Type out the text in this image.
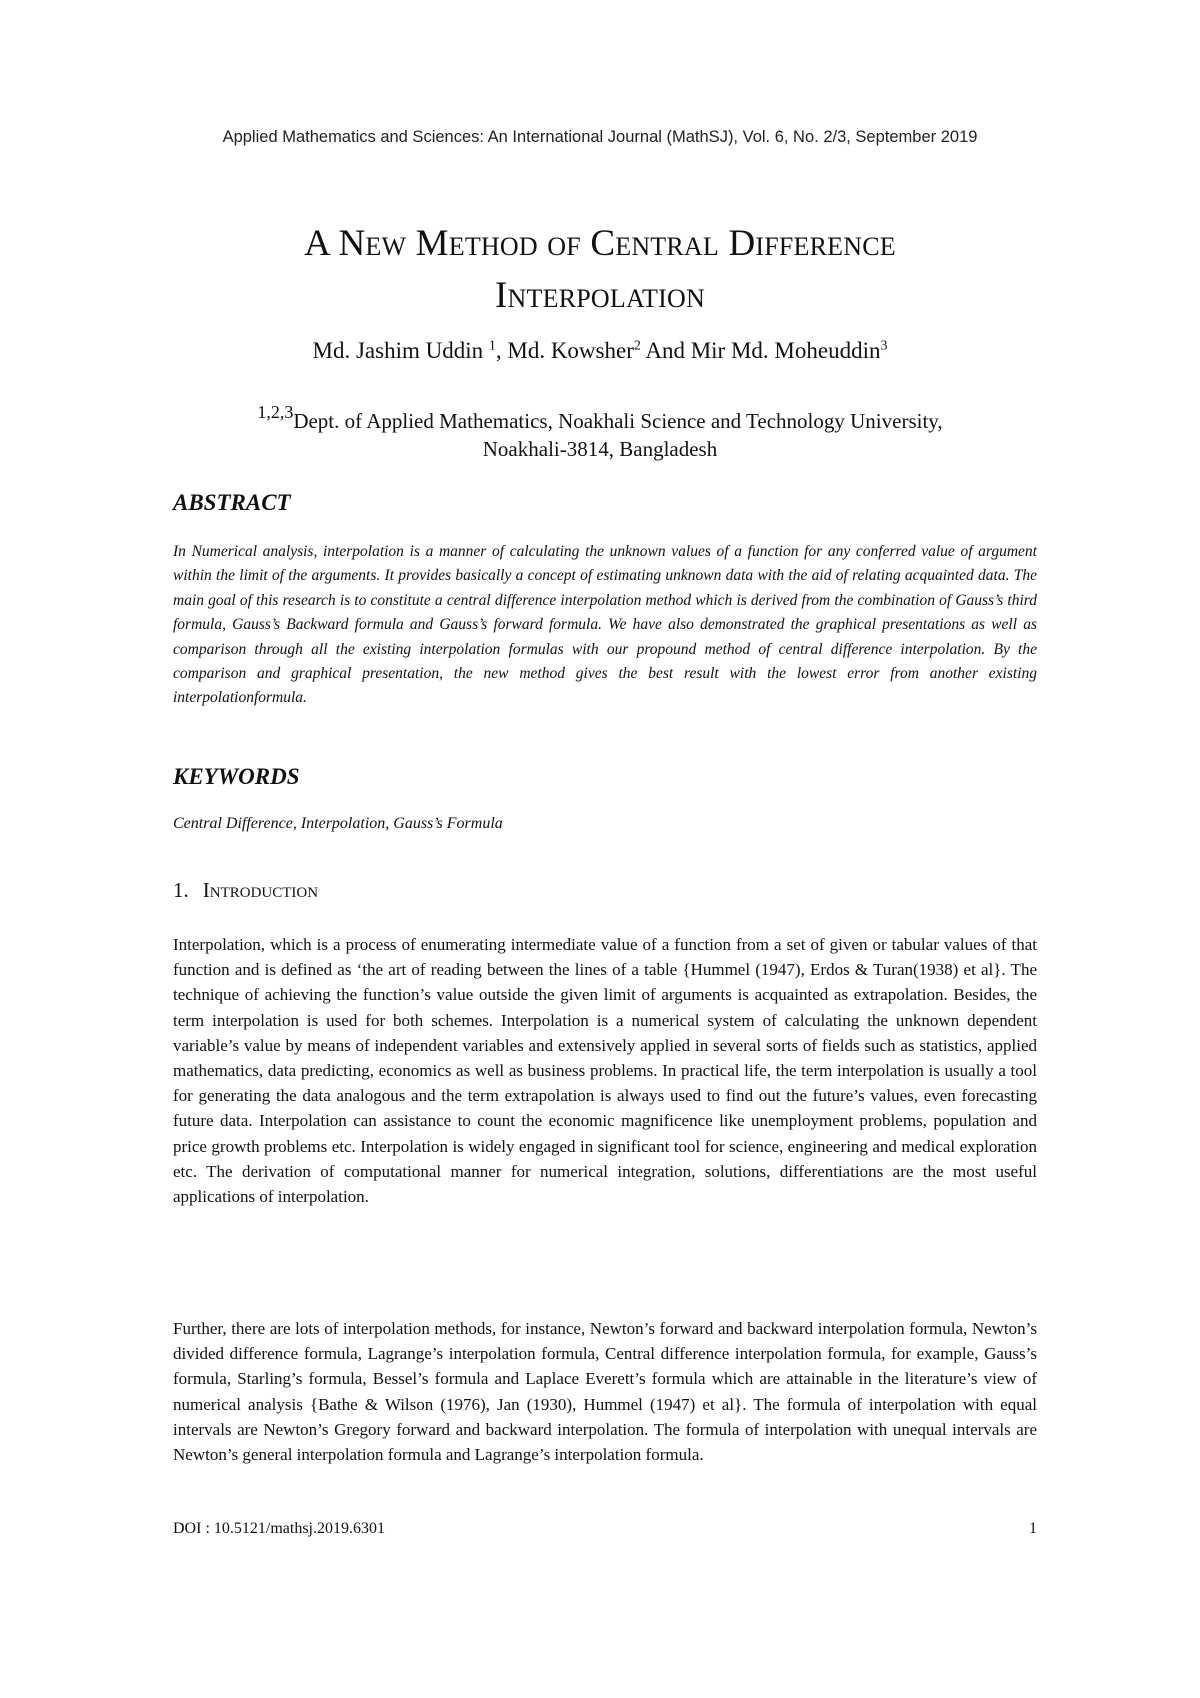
Applied Mathematics and Sciences: An International Journal (MathSJ), Vol. 6, No. 2/3, September 2019
A New Method of Central Difference
Interpolation
Md. Jashim Uddin $^1$, Md. Kowsher$^2$ And Mir Md. Moheuddin$^3$
$^{1,2,3}$Dept. of Applied Mathematics, Noakhali Science and Technology University,
Noakhali-3814, Bangladesh
ABSTRACT
In Numerical analysis, interpolation is a manner of calculating the unknown values of a function for any conferred value of argument within the limit of the arguments. It provides basically a concept of estimating unknown data with the aid of relating acquainted data. The main goal of this research is to constitute a central difference interpolation method which is derived from the combination of Gauss’s third formula, Gauss’s Backward formula and Gauss’s forward formula. We have also demonstrated the graphical presentations as well as comparison through all the existing interpolation formulas with our propound method of central difference interpolation. By the comparison and graphical presentation, the new method gives the best result with the lowest error from another existing interpolationformula.
KEYWORDS
Central Difference, Interpolation, Gauss’s Formula
1. Introduction
Interpolation, which is a process of enumerating intermediate value of a function from a set of given or tabular values of that function and is defined as ‘the art of reading between the lines of a table {Hummel (1947), Erdos & Turan(1938) et al}. The technique of achieving the function’s value outside the given limit of arguments is acquainted as extrapolation. Besides, the term interpolation is used for both schemes. Interpolation is a numerical system of calculating the unknown dependent variable’s value by means of independent variables and extensively applied in several sorts of fields such as statistics, applied mathematics, data predicting, economics as well as business problems. In practical life, the term interpolation is usually a tool for generating the data analogous and the term extrapolation is always used to find out the future’s values, even forecasting future data. Interpolation can assistance to count the economic magnificence like unemployment problems, population and price growth problems etc. Interpolation is widely engaged in significant tool for science, engineering and medical exploration etc. The derivation of computational manner for numerical integration, solutions, differentiations are the most useful applications of interpolation.
Further, there are lots of interpolation methods, for instance, Newton’s forward and backward interpolation formula, Newton’s divided difference formula, Lagrange’s interpolation formula, Central difference interpolation formula, for example, Gauss’s formula, Starling’s formula, Bessel’s formula and Laplace Everett’s formula which are attainable in the literature’s view of numerical analysis {Bathe & Wilson (1976), Jan (1930), Hummel (1947) et al}. The formula of interpolation with equal intervals are Newton’s Gregory forward and backward interpolation. The formula of interpolation with unequal intervals are Newton’s general interpolation formula and Lagrange’s interpolation formula.
DOI : 10.5121/mathsj.2019.6301	1
